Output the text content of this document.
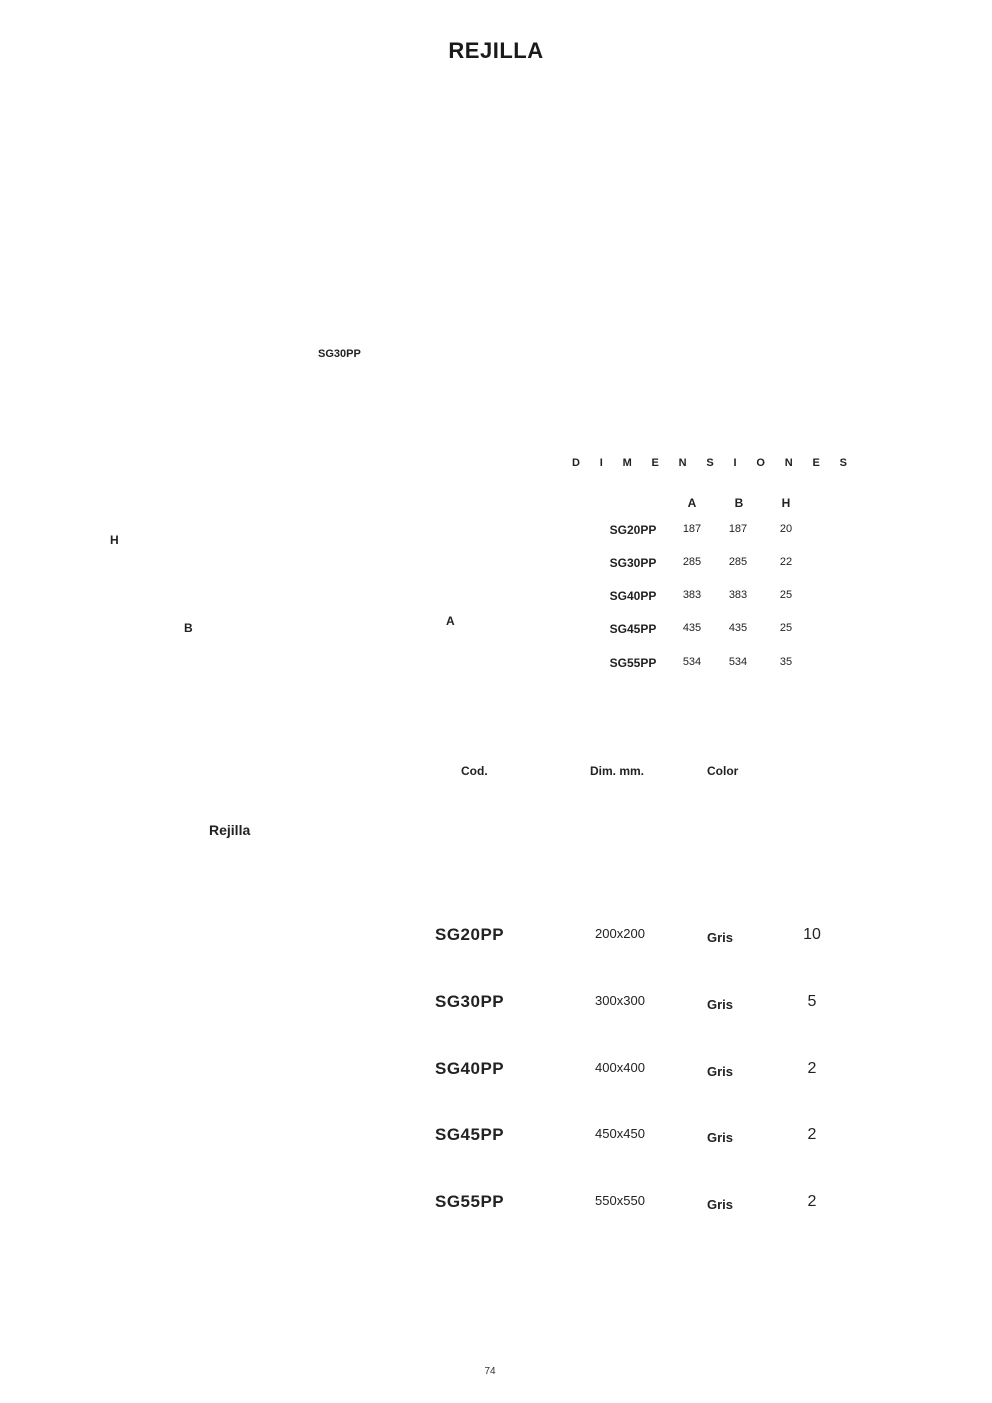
REJILLA
SG30PP
H
B	A
D I M E N S I O N E S
A	B	H
SG20PP	187	187	20
SG30PP	285	285	22
SG40PP	383	383	25
SG45PP	435	435	25
SG55PP	534	534	35
Cod.	Dim. mm.	Color
Rejilla
SG20PP	200x200	Gris	10
SG30PP	300x300	Gris	5
SG40PP	400x400	Gris	2
SG45PP	450x450	Gris	2
SG55PP	550x550	Gris	2
74
